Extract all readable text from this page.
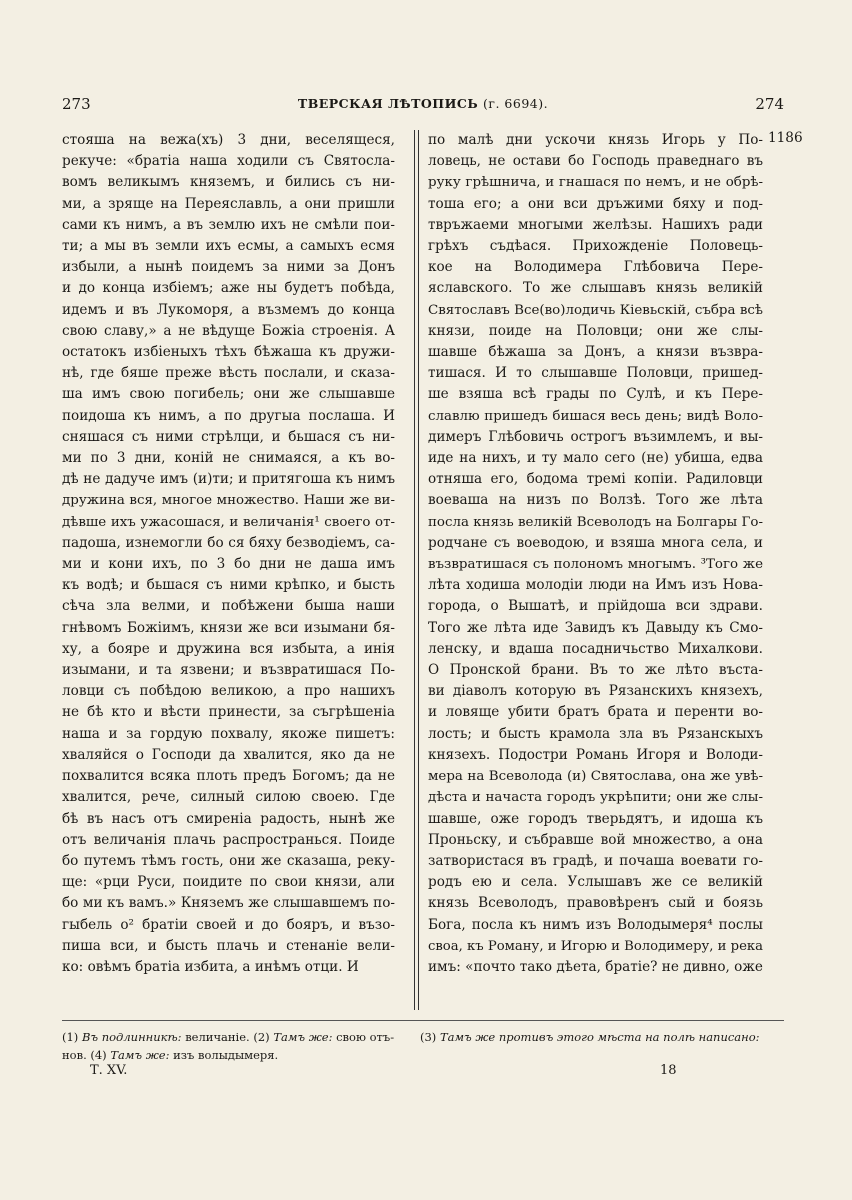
273	ТВЕРСКАЯ ЛѢТОПИСЬ (г. 6694).	274
стояша на вежа(хъ) 3 дни, веселящеся,
рекуче: «братіа наша ходили съ Святосла-
вомъ великымъ княземъ, и бились съ ни-
ми, а зряще на Переяславль, а они пришли
сами къ нимъ, а въ землю ихъ не смѣли пои-
ти; а мы въ земли ихъ есмы, а самыхъ есмя
избыли, а нынѣ поидемъ за ними за Донъ
и до конца избіемъ; аже ны будетъ побѣда,
идемъ и въ Лукоморя, а възмемъ до конца
свою славу,» а не вѣдуще Божіа строенія. А
остатокъ избіеныхъ тѣхъ бѣжаша къ дружи-
нѣ, где бяше преже вѣсть послали, и сказа-
ша имъ свою погибель; они же слышавше
поидоша къ нимъ, а по другыа послаша. И
сняшася съ ними стрѣлци, и бьшася съ ни-
ми по 3 дни, коній не снимаяся, а къ во-
дѣ не дадуче имъ (и)ти; и притягоша къ нимъ
дружина вся, многое множество. Наши же ви-
дѣвше ихъ ужасошася, и величанія¹ своего от-
падоша, изнемогли бо ся бяху безводіемъ, са-
ми и кони ихъ, по 3 бо дни не даша имъ
къ водѣ; и бьшася съ ними крѣпко, и бысть
сѣча зла велми, и побѣжени быша наши
гнѣвомъ Божіимъ, князи же вси изымани бя-
ху, а бояре и дружина вся избыта, а инія
изымани, и та язвени; и възвратишася По-
ловци съ побѣдою великою, а про нашихъ
не бѣ кто и вѣсти принести, за съгрѣшеніа
наша и за гордую похвалу, якоже пишетъ:
хваляйся о Господи да хвалится, яко да не
похвалится всяка плоть предъ Богомъ; да не
хвалится, рече, силный силою своею. Где
бѣ въ насъ отъ смиреніа радость, нынѣ же
отъ величанія плачь распространься. Поиде
бо путемъ тѣмъ гость, они же сказаша, реку-
ще: «рци Руси, поидите по свои князи, али
бо ми къ вамъ.» Княземъ же слышавшемъ по-
гыбель о² братіи своей и до бояръ, и възо-
пиша вси, и бысть плачь и стенаніе вели-
ко: овѣмъ братіа избита, а инѣмъ отци. И
по малѣ дни ускочи князь Игорь у По-
ловець, не остави бо Господь праведнаго въ
руку грѣшнича, и гнашася по немъ, и не обрѣ-
тоша его; а они вси дръжими бяху и под-
твръжаеми многыми желѣзы. Нашихъ ради
грѣхъ съдѣася. Прихожденіе Половець-
кое на Володимера Глѣбовича Пере-
яславского. То же слышавъ князь великій
Святославъ Все(во)лодичь Кіевьскій, събра всѣ
князи, поиде на Половци; они же слы-
шавше бѣжаша за Донъ, а князи възвра-
тишася. И то слышавше Половци, пришед-
ше взяша всѣ грады по Сулѣ, и къ Пере-
славлю пришедъ бишася весь день; видѣ Воло-
димеръ Глѣбовичь острогъ възимлемъ, и вы-
иде на нихъ, и ту мало сего (не) убиша, едва
отняша его, бодома тремі копіи. Радиловци
воеваша на низъ по Волзѣ. Того же лѣта
посла князь великій Всеволодъ на Болгары Го-
родчане съ воеводою, и взяша многа села, и
възвратишася съ полономъ многымъ. ³Того же
лѣта ходиша молодіи люди на Имъ изъ Нова-
города, о Вышатѣ, и прійдоша вси здрави.
Того же лѣта иде Завидъ къ Давыду къ Смо-
ленску, и вдаша посадничьство Михалкови.
О Пронской брани. Въ то же лѣто въста-
ви діаволъ которую въ Рязанскихъ князехъ,
и ловяще убити братъ брата и перенти во-
лость; и бысть крамола зла въ Рязанскыхъ
князехъ. Подостри Романь Игоря и Володи-
мера на Всеволода (и) Святослава, она же увѣ-
дѣста и начаста городъ укрѣпити; они же слы-
шавше, оже городъ тверьдятъ, и идоша къ
Проньску, и събравше вой множество, а она
затвористася въ градѣ, и почаша воевати го-
родъ ею и села. Услышавъ же се великій
князь Всеволодъ, правовѣренъ сый и боязь
Бога, посла къ нимъ изъ Володымеря⁴ послы
своа, къ Роману, и Игорю и Володимеру, и река
имъ: «почто тако дѣета, братіе? не дивно, оже
1186
(1) Въ подлинникѣ: величаніе. (2) Тамъ же: свою отъ-
нов. (4) Тамъ же: изъ волыдымеря.
(3) Тамъ же противъ этого мѣста на полѣ написано:
Т. XV.	18
